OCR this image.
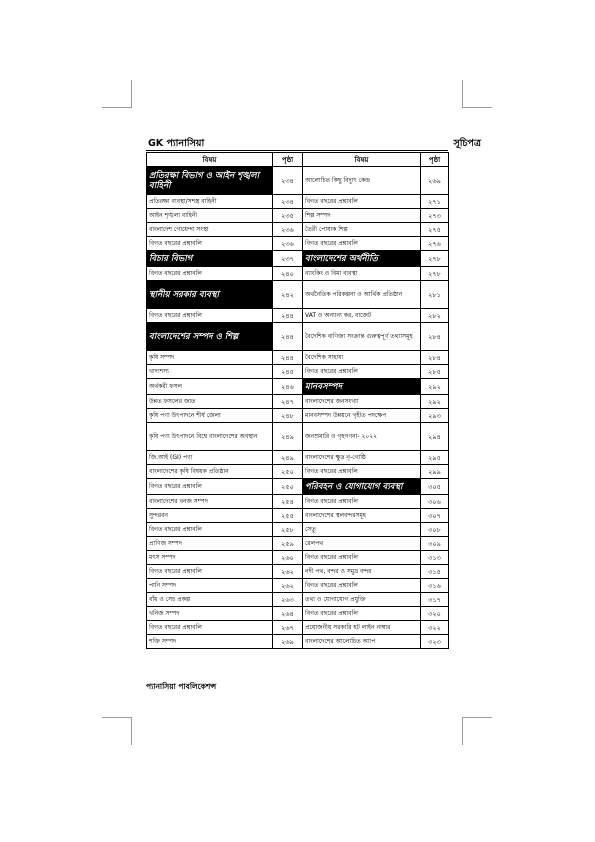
GK প্যানাসিয়া	সূচিপত্র
বিষয়	পৃষ্ঠা	বিষয়	পৃষ্ঠা
প্রতিরক্ষা বিভাগ ও আইন শৃঙ্খলা বাহিনী	২৩৪	আলোচিত কিছু বিদ্যুৎ কেন্দ্র	২৬৯
প্রতিরক্ষা ব্যবস্থা/সশস্ত্র বাহিনী	২৩৪	বিগত বছরের প্রশ্নাবলি	২৭১
আইন শৃঙ্খলা বাহিনী	২৩৫	শিল্প সম্পদ	২৭৩
বাংলাদেশ গোয়েন্দা সংস্থা	২৩৬	তৈরী পোষাক শিল্প	২৭৫
বিগত বছরের প্রশ্নাবলি	২৩৬	বিগত বছরের প্রশ্নাবলি	২৭৬
বিচার বিভাগ	২৩৭	বাংলাদেশের অর্থনীতি	২৭৮
বিগত বছরের প্রশ্নাবলি	২৪০	ব্যাংকিং ও বিমা ব্যবস্থা	২৭৮
স্থানীয় সরকার ব্যবস্থা	২৪২	অর্থনৈতিক পরিকল্পনা ও আর্থিক প্রতিষ্ঠান	২৮১
বিগত বছরের প্রশ্নাবলি	২৪৪	VAT ও অন্যান্য কর, বাজেট	২৮২
বাংলাদেশের সম্পদ ও শিল্প	২৪৪	বৈদেশিক বাণিজ্য সংক্রান্ত গুরুত্বপূর্ণ তথ্যাসমূহ	২৮৪
কৃষি সম্পদ	২৪৪	বৈদেশিক সাহায্য	২৮৪
খাদ্যশস্য	২৪৫	বিগত বছরের প্রশ্নাবলি	২৮৫
অর্থকরী ফসল	২৪৬	মানবসম্পদ	২৯২
উন্নত ফসলের জাত	২৪৭	বাংলাদেশের জনসংখ্যা	২৯২
কৃষি পণ্য উৎপাদনে শীর্ষ জেলা	২৪৮	মানবসম্পদ উন্নয়নে গৃহীত পদক্ষেপ	২৯৩
কৃষি পণ্য উৎপাদনে বিশ্বে বাংলাদেশের অবস্থান	২৪৯	জনশুমারি ও গৃহগণনা- ২০২২	২৯৪
জি.আই (GI) পণ্য	২৪৯	বাংলাদেশের ক্ষুদ্র নৃ-গোষ্ঠি	২৯৫
বাংলাদেশের কৃষি বিষয়ক প্রতিষ্ঠান	২৫০	বিগত বছরের প্রশ্নাবলি	২৯৯
বিগত বছরের প্রশ্নাবলি	২৫০	পরিবহন ও যোগাযোগ ব্যবস্থা	৩০৫
বাংলাদেশের বনজ সম্পদ	২৫৪	বিগত বছরের প্রশ্নাবলি	৩০৬
সুন্দরবন	২৫৫	বাংলাদেশের স্থলবন্দরসমূহ	৩০৭
বিগত বছরের প্রশ্নাবলি	২৫৮	সেতু	৩০৮
প্রাণিজ সম্পদ	২৫৯	রেলপথ	৩০৯
মৎস সম্পদ	২৬০	বিগত বছরের প্রশ্নাবলি	৩১৩
বিগত বছরের প্রশ্নাবলি	২৬২	নদী পথ, বন্দর ও সমুদ্র বন্দর	৩১৫
পানি সম্পদ	২৬২	বিগত বছরের প্রশ্নাবলি	৩১৬
বাঁধ ও সেচ প্রকল্প	২৬৩	তথ্য ও যোগাযোগ প্রযুক্তি	৩১৭
খনিজ সম্পদ	২৬৪	বিগত বছরের প্রশ্নাবলি	৩২০
বিগত বছরের প্রশ্নাবলি	২৬৭	প্রয়োজনীয় সরকারি হট লাইন নাম্বার	৩২২
শক্তি সম্পদ	২৬৯	বাংলাদেশের আলোচিত অ্যাপ	৩২৩
প্যানাসিয়া পাবলিকেশন্স
